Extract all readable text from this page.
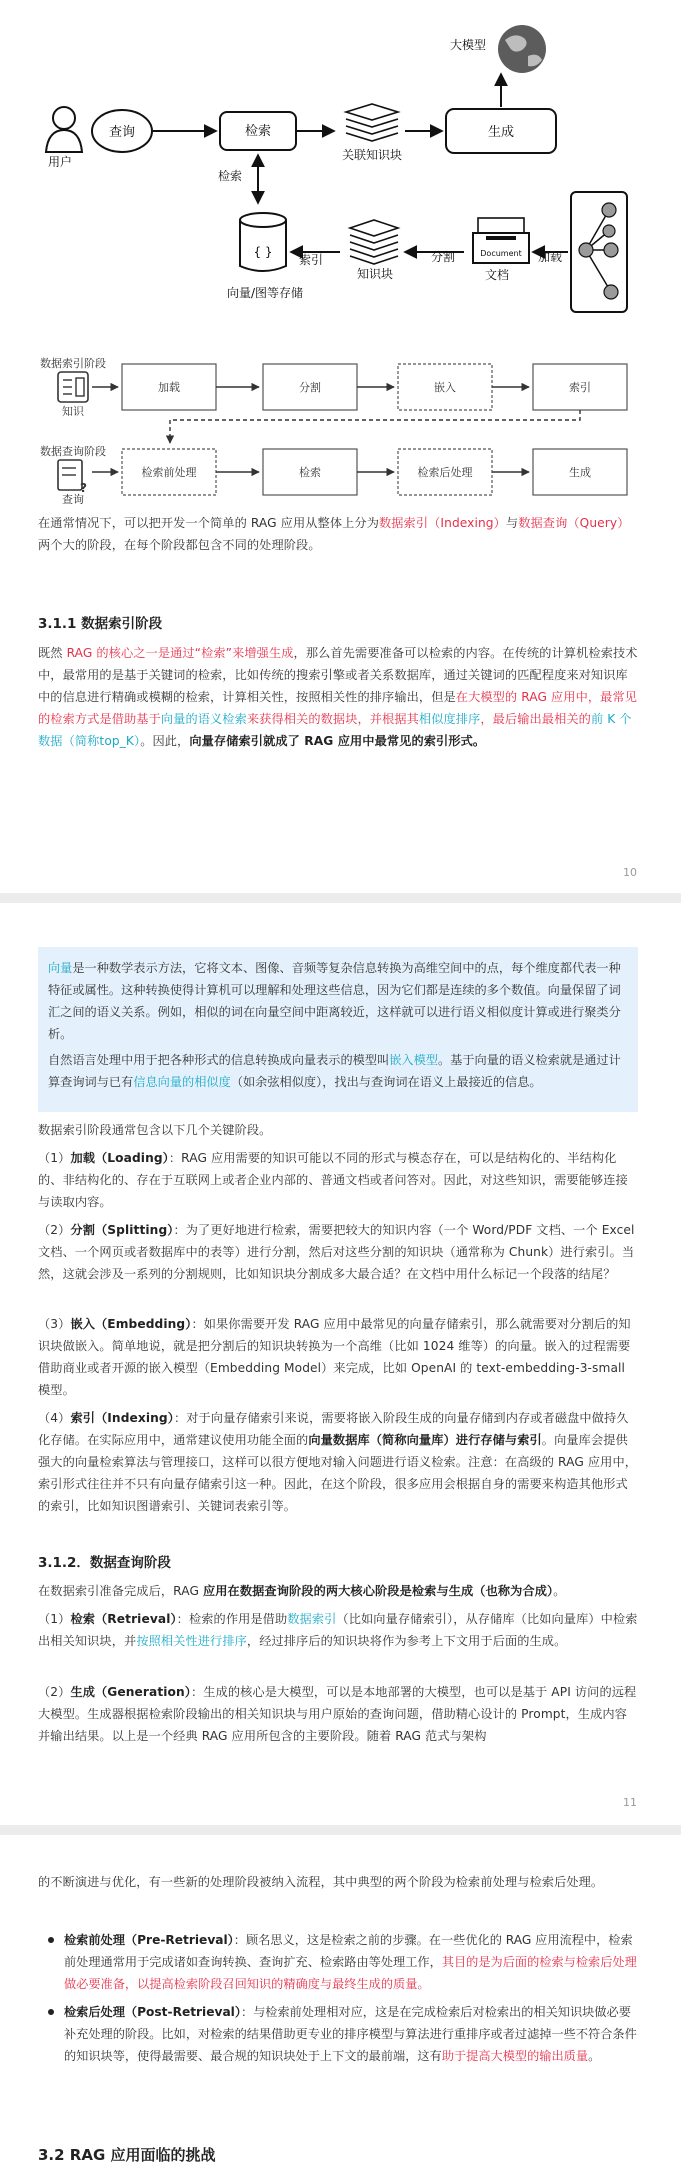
用户
查询	检索
关联知识块
生成
大模型
检索
{ }
向量/图等存储
索引
知识块
分割	Document
文档
加载
数据索引阶段
知识
加载	分割	嵌入	索引
数据查询阶段
?
查询
检索前处理	检索	检索后处理	生成

在通常情况下，可以把开发一个简单的 RAG 应用从整体上分为数据索引（Indexing）与数据查询（Query）两个大的阶段，在每个阶段都包含不同的处理阶段。

3.1.1 数据索引阶段

既然 RAG 的核心之一是通过“检索”来增强生成，那么首先需要准备可以检索的内容。在传统的计算机检索技术中，最常用的是基于关键词的检索，比如传统的搜索引擎或者关系数据库，通过关键词的匹配程度来对知识库中的信息进行精确或模糊的检索，计算相关性，按照相关性的排序输出，但是在大模型的 RAG 应用中，最常见的检索方式是借助基于向量的语义检索来获得相关的数据块，并根据其相似度排序，最后输出最相关的前 K 个数据（简称top_K）。因此，向量存储索引就成了 RAG 应用中最常见的索引形式。

10

向量是一种数学表示方法，它将文本、图像、音频等复杂信息转换为高维空间中的点，每个维度都代表一种特征或属性。这种转换使得计算机可以理解和处理这些信息，因为它们都是连续的多个数值。向量保留了词汇之间的语义关系。例如，相似的词在向量空间中距离较近，这样就可以进行语义相似度计算或进行聚类分析。

自然语言处理中用于把各种形式的信息转换成向量表示的模型叫嵌入模型。基于向量的语义检索就是通过计算查询词与已有信息向量的相似度（如余弦相似度），找出与查询词在语义上最接近的信息。

数据索引阶段通常包含以下几个关键阶段。

（1）加载（Loading）：RAG 应用需要的知识可能以不同的形式与模态存在，可以是结构化的、半结构化的、非结构化的、存在于互联网上或者企业内部的、普通文档或者问答对。因此，对这些知识，需要能够连接与读取内容。

（2）分割（Splitting）：为了更好地进行检索，需要把较大的知识内容（一个 Word/PDF 文档、一个 Excel 文档、一个网页或者数据库中的表等）进行分割，然后对这些分割的知识块（通常称为 Chunk）进行索引。当然，这就会涉及一系列的分割规则，比如知识块分割成多大最合适？在文档中用什么标记一个段落的结尾？

（3）嵌入（Embedding）：如果你需要开发 RAG 应用中最常见的向量存储索引，那么就需要对分割后的知识块做嵌入。简单地说，就是把分割后的知识块转换为一个高维（比如 1024 维等）的向量。嵌入的过程需要借助商业或者开源的嵌入模型（Embedding Model）来完成，比如 OpenAI 的 text-embedding-3-small 模型。

（4）索引（Indexing）：对于向量存储索引来说，需要将嵌入阶段生成的向量存储到内存或者磁盘中做持久化存储。在实际应用中，通常建议使用功能全面的向量数据库（简称向量库）进行存储与索引。向量库会提供强大的向量检索算法与管理接口，这样可以很方便地对输入问题进行语义检索。注意：在高级的 RAG 应用中，索引形式往往并不只有向量存储索引这一种。因此，在这个阶段，很多应用会根据自身的需要来构造其他形式的索引，比如知识图谱索引、关键词表索引等。

3.1.2．数据查询阶段

在数据索引准备完成后，RAG 应用在数据查询阶段的两大核心阶段是检索与生成（也称为合成）。

（1）检索（Retrieval）：检索的作用是借助数据索引（比如向量存储索引），从存储库（比如向量库）中检索出相关知识块，并按照相关性进行排序，经过排序后的知识块将作为参考上下文用于后面的生成。

（2）生成（Generation）：生成的核心是大模型，可以是本地部署的大模型，也可以是基于 API 访问的远程大模型。生成器根据检索阶段输出的相关知识块与用户原始的查询问题，借助精心设计的 Prompt，生成内容并输出结果。以上是一个经典 RAG 应用所包含的主要阶段。随着 RAG 范式与架构

11

的不断演进与优化，有一些新的处理阶段被纳入流程，其中典型的两个阶段为检索前处理与检索后处理。

检索前处理（Pre-Retrieval）：顾名思义，这是检索之前的步骤。在一些优化的 RAG 应用流程中，检索前处理通常用于完成诸如查询转换、查询扩充、检索路由等处理工作，其目的是为后面的检索与检索后处理做必要准备，以提高检索阶段召回知识的精确度与最终生成的质量。
检索后处理（Post-Retrieval）：与检索前处理相对应，这是在完成检索后对检索出的相关知识块做必要补充处理的阶段。比如，对检索的结果借助更专业的排序模型与算法进行重排序或者过滤掉一些不符合条件的知识块等，使得最需要、最合规的知识块处于上下文的最前端，这有助于提高大模型的输出质量。
3.2 RAG 应用面临的挑战
